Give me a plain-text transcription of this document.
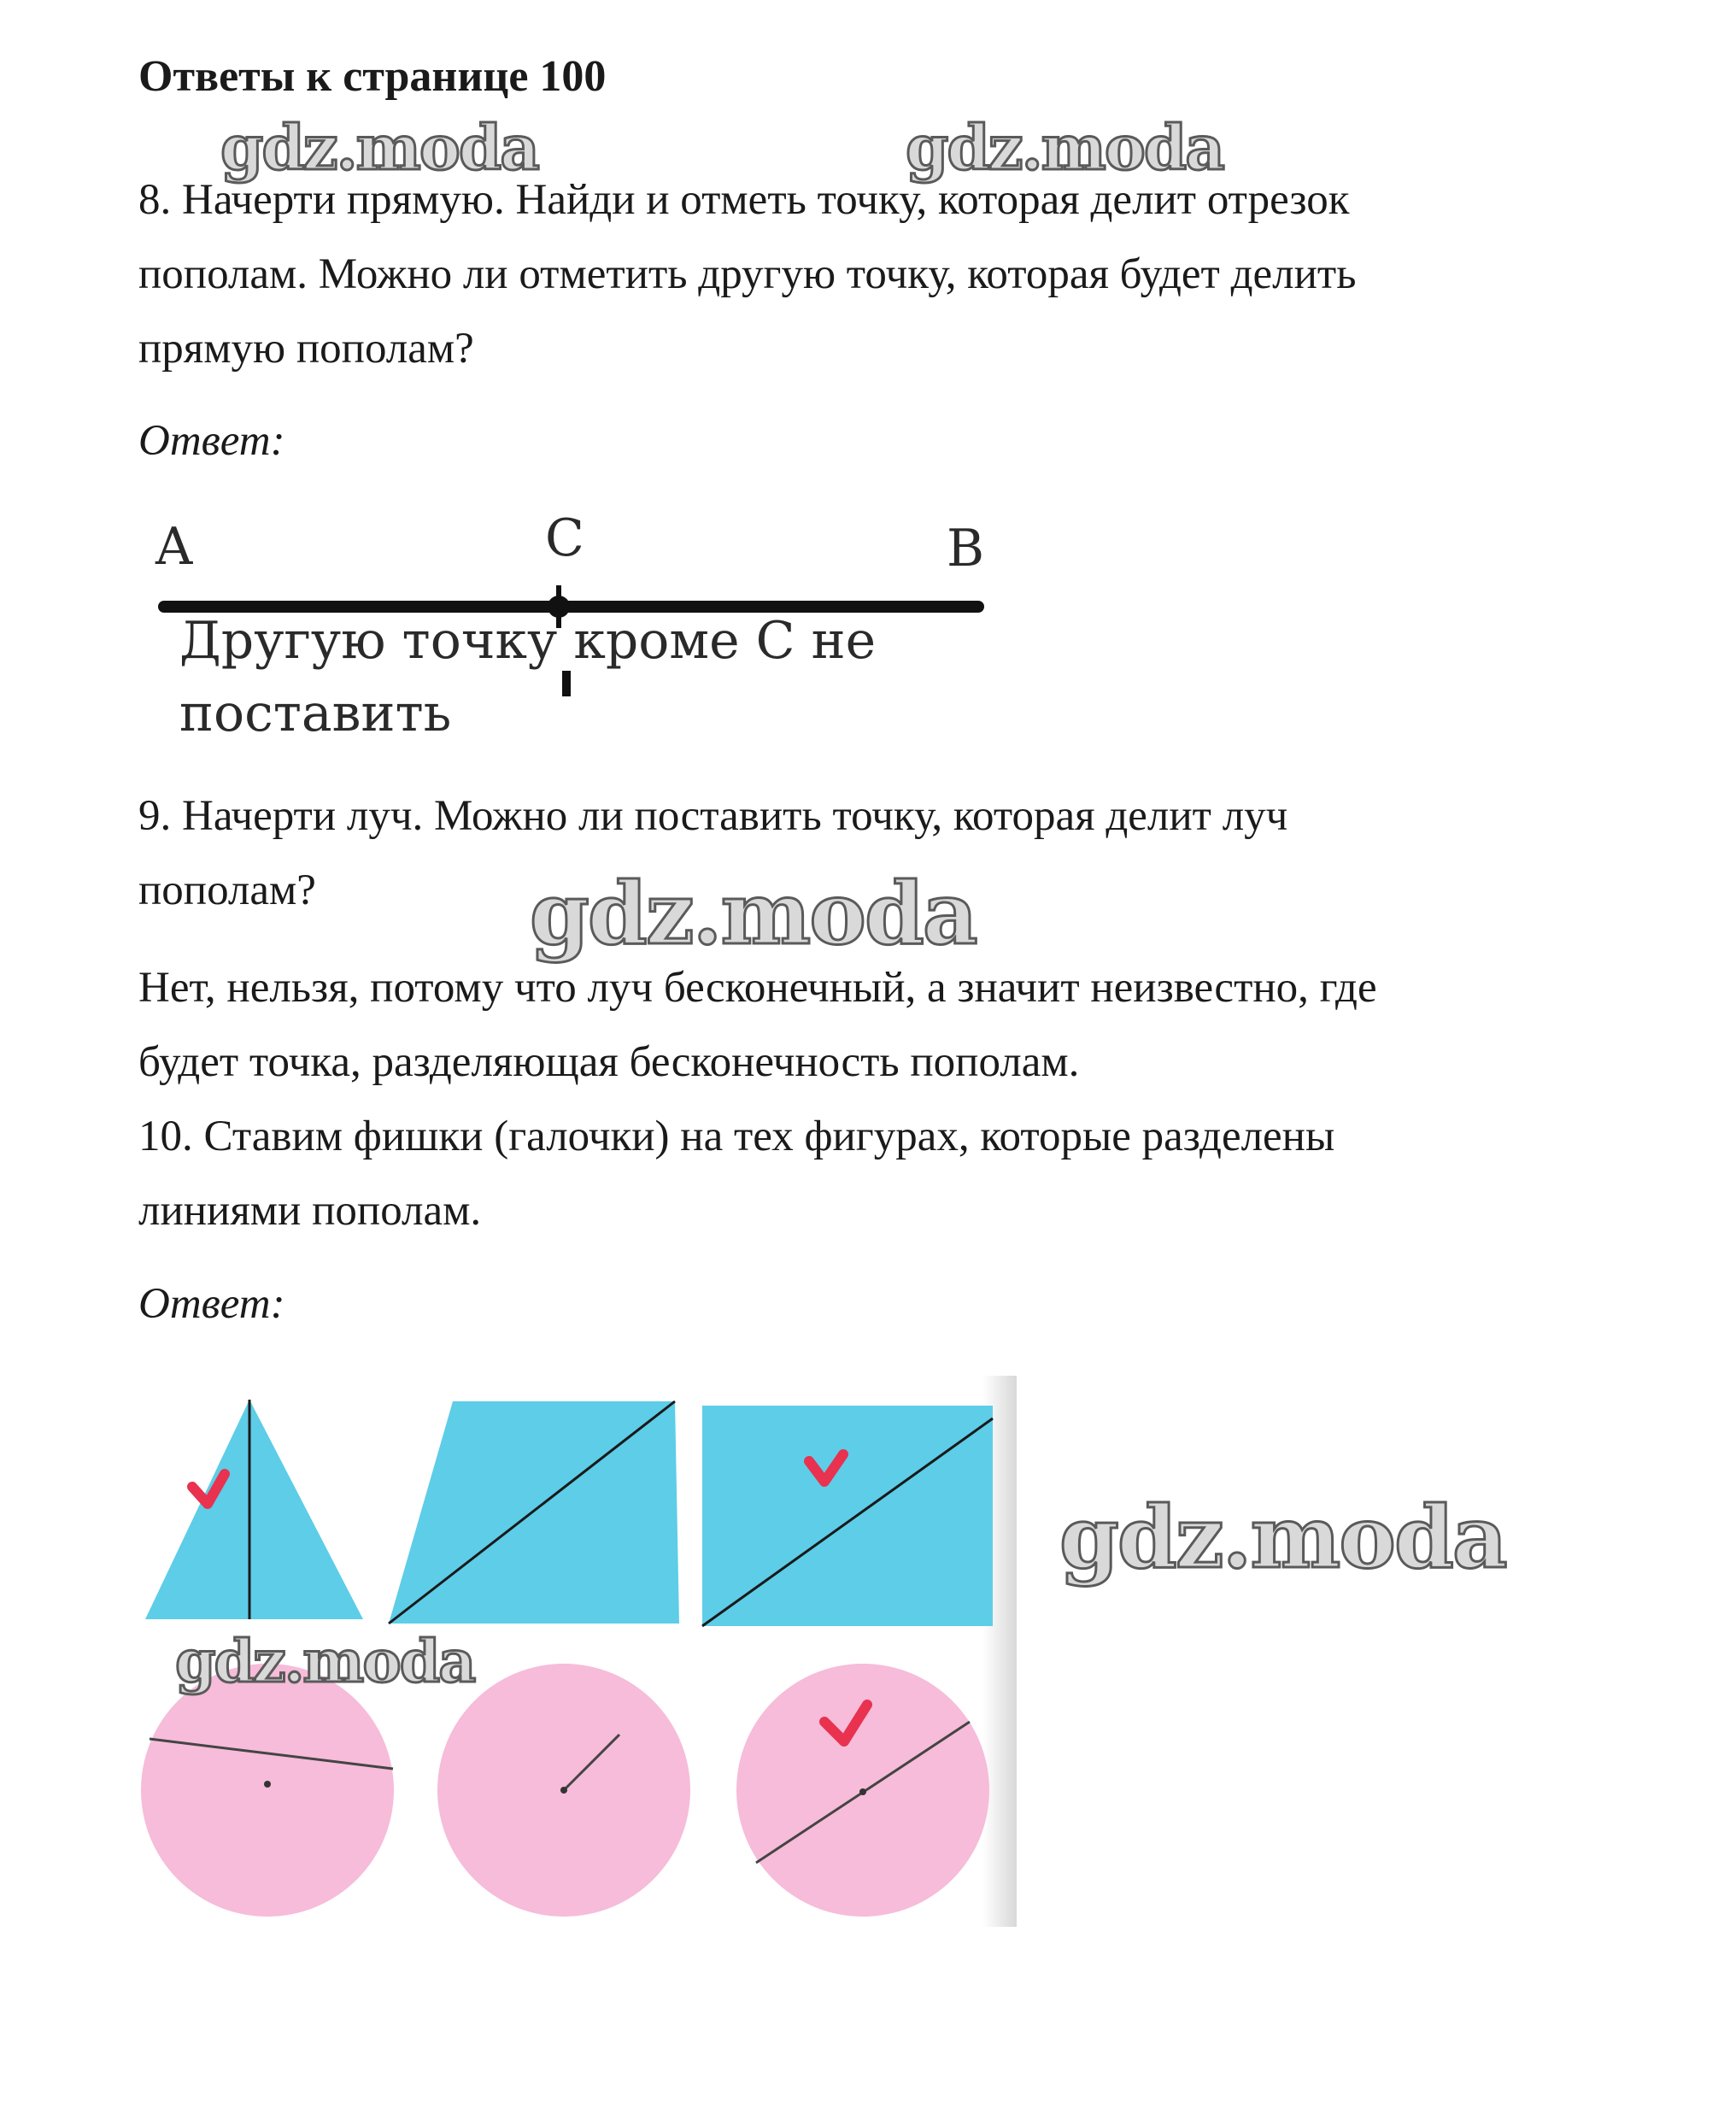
Ответы к странице 100
8. Начерти прямую. Найди и отметь точку, которая делит отрезок
пополам. Можно ли отметить другую точку, которая будет делить
прямую пополам?
Ответ:
A	C	B
Другую точку кроме С не
поставить
9. Начерти луч. Можно ли поставить точку, которая делит луч
пополам?
Нет, нельзя, потому что луч бесконечный, а значит неизвестно, где
будет точка, разделяющая бесконечность пополам.
10. Ставим фишки (галочки) на тех фигурах, которые разделены
линиями пополам.
Ответ:
gdz.moda	gdz.moda
gdz.moda
gdz.moda
gdz.moda
